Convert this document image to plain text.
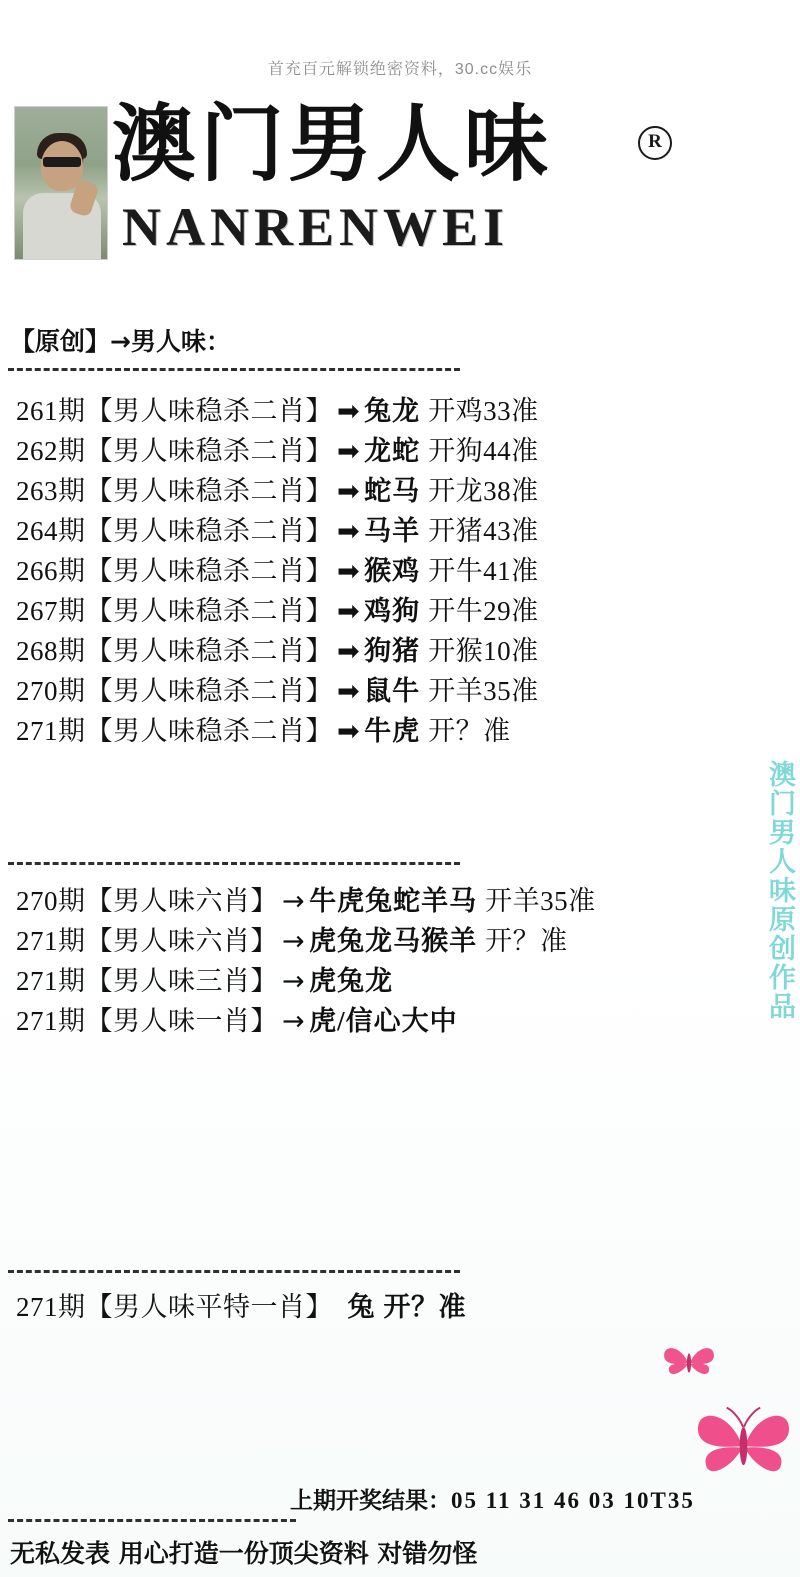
首充百元解锁绝密资料，30.cc娱乐
澳门男人味	R
NANRENWEI
【原创】→男人味：
261期【男人味稳杀二肖】 ➡ 兔龙 开鸡33准
262期【男人味稳杀二肖】 ➡ 龙蛇 开狗44准
263期【男人味稳杀二肖】 ➡ 蛇马 开龙38准
264期【男人味稳杀二肖】 ➡ 马羊 开猪43准
266期【男人味稳杀二肖】 ➡ 猴鸡 开牛41准
267期【男人味稳杀二肖】 ➡ 鸡狗 开牛29准
268期【男人味稳杀二肖】 ➡ 狗猪 开猴10准
270期【男人味稳杀二肖】 ➡ 鼠牛 开羊35准
271期【男人味稳杀二肖】 ➡ 牛虎 开？准
270期【男人味六肖】 → 牛虎兔蛇羊马 开羊35准
271期【男人味六肖】 → 虎兔龙马猴羊 开？准
271期【男人味三肖】 → 虎兔龙
271期【男人味一肖】 → 虎/信心大中
271期【男人味平特一肖】 兔 开？准
澳门男人味原创作品
上期开奖结果：05 11 31 46 03 10T35
无私发表 用心打造一份顶尖资料 对错勿怪
